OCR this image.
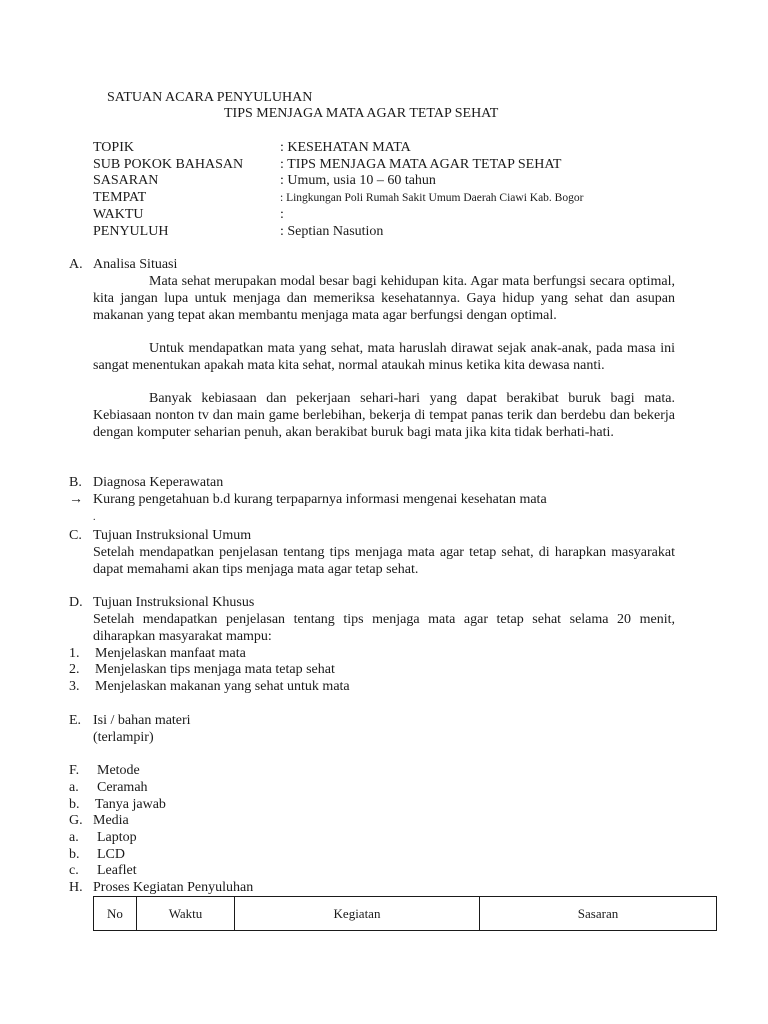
SATUAN ACARA PENYULUHAN
TIPS MENJAGA MATA AGAR TETAP SEHAT
TOPIK	: KESEHATAN MATA
SUB POKOK BAHASAN	: TIPS MENJAGA MATA AGAR TETAP SEHAT
SASARAN	: Umum, usia 10 – 60 tahun
TEMPAT	: Lingkungan Poli Rumah Sakit Umum Daerah Ciawi Kab. Bogor
WAKTU	:
PENYULUH	: Septian Nasution
A. Analisa Situasi
Mata sehat merupakan modal besar bagi kehidupan kita. Agar mata berfungsi secara optimal, kita jangan lupa untuk menjaga dan memeriksa kesehatannya. Gaya hidup yang sehat dan asupan makanan yang tepat akan membantu menjaga mata agar berfungsi dengan optimal.
Untuk mendapatkan mata yang sehat, mata haruslah dirawat sejak anak-anak, pada masa ini sangat menentukan apakah mata kita sehat, normal ataukah minus ketika kita dewasa nanti.
Banyak kebiasaan dan pekerjaan sehari-hari yang dapat berakibat buruk bagi mata. Kebiasaan nonton tv dan main game berlebihan, bekerja di tempat panas terik dan berdebu dan bekerja dengan komputer seharian penuh, akan berakibat buruk bagi mata jika kita tidak berhati-hati.
B. Diagnosa Keperawatan
→ Kurang pengetahuan b.d kurang terpaparnya informasi mengenai kesehatan mata
.
C. Tujuan Instruksional Umum
Setelah mendapatkan penjelasan tentang tips menjaga mata agar tetap sehat, di harapkan masyarakat dapat memahami akan tips menjaga mata agar tetap sehat.
D. Tujuan Instruksional Khusus
Setelah mendapatkan penjelasan tentang tips menjaga mata agar tetap sehat selama 20 menit, diharapkan masyarakat mampu:
1. Menjelaskan manfaat mata
2. Menjelaskan tips menjaga mata tetap sehat
3. Menjelaskan makanan yang sehat untuk mata
E. Isi / bahan materi
(terlampir)
F. Metode
a. Ceramah
b. Tanya jawab
G. Media
a. Laptop
b. LCD
c. Leaflet
H. Proses Kegiatan Penyuluhan
No	Waktu	Kegiatan	Sasaran
